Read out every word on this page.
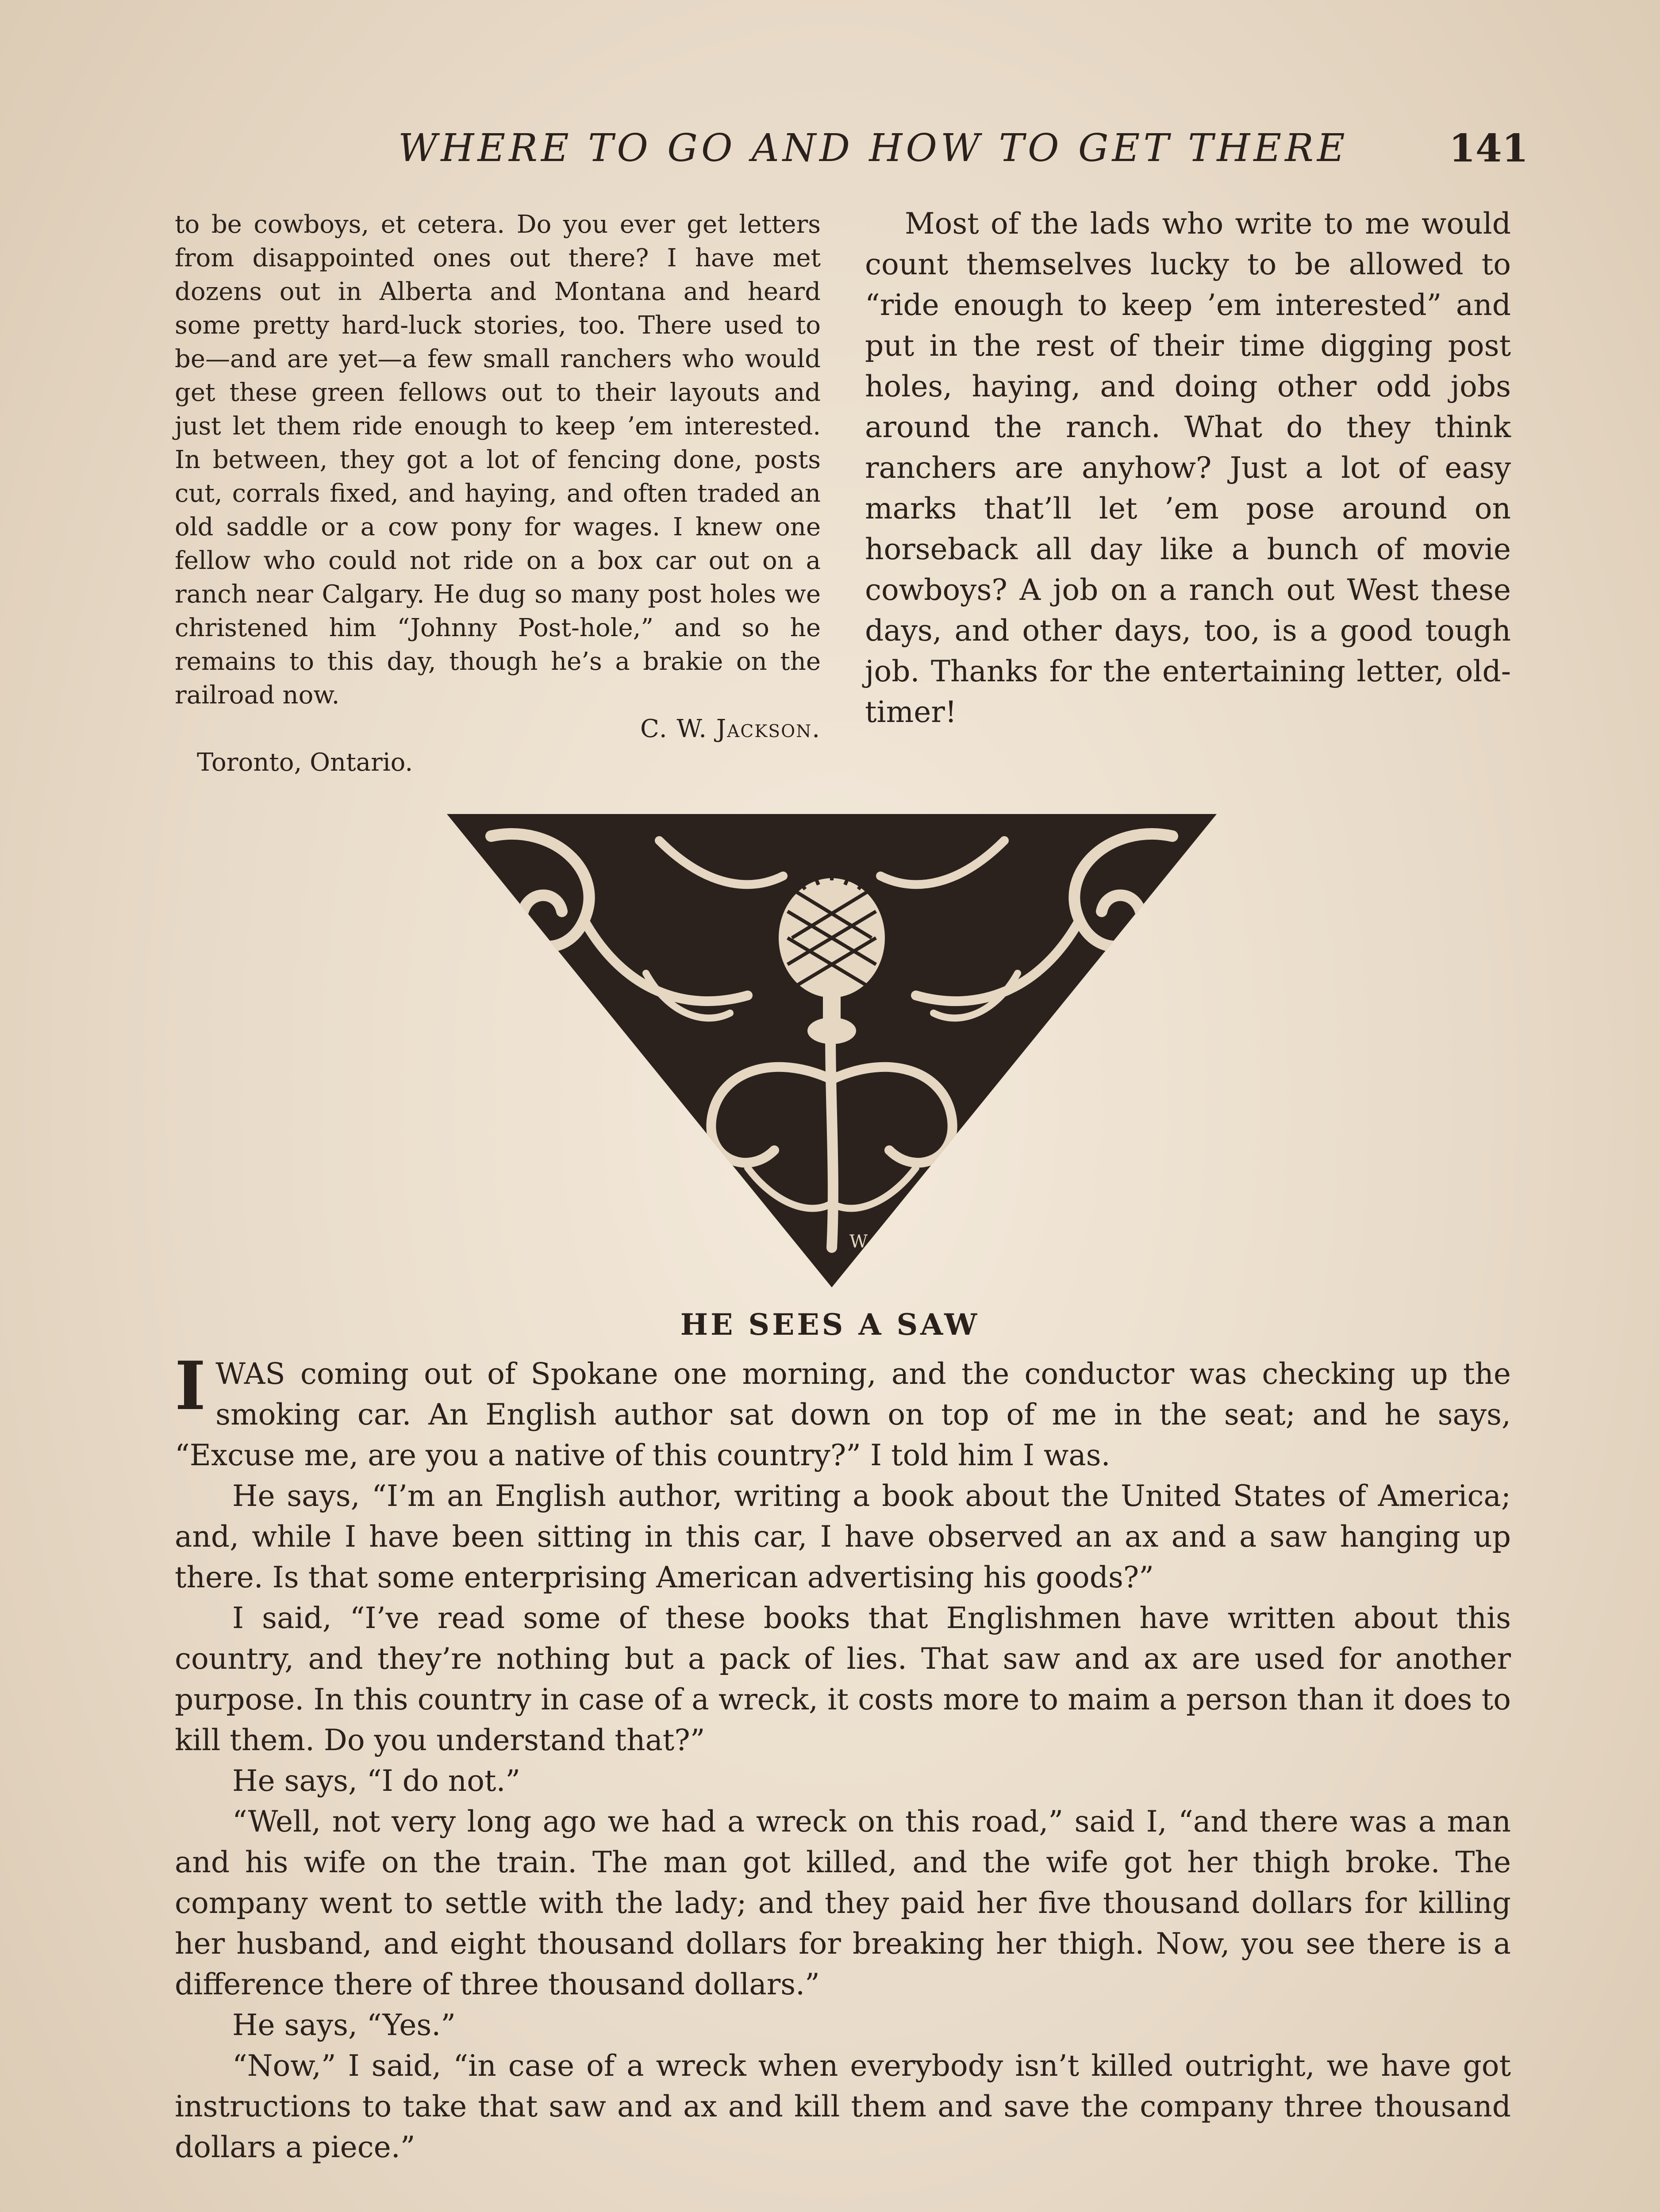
WHERE TO GO AND HOW TO GET THERE	141

to be cowboys, et cetera. Do you ever get letters from disappointed ones out there? I have met dozens out in Alberta and Montana and heard some pretty hard-luck stories, too. There used to be—and are yet—a few small ranchers who would get these green fellows out to their layouts and just let them ride enough to keep ’em interested. In between, they got a lot of fencing done, posts cut, corrals fixed, and haying, and often traded an old saddle or a cow pony for wages. I knew one fellow who could not ride on a box car out on a ranch near Calgary. He dug so many post holes we christened him “Johnny Post-hole,” and so he remains to this day, though he’s a brakie on the railroad now.

C. W. Jackson.

Toronto, Ontario.

Most of the lads who write to me would count themselves lucky to be allowed to “ride enough to keep ’em interested” and put in the rest of their time digging post holes, haying, and doing other odd jobs around the ranch. What do they think ranchers are anyhow? Just a lot of easy marks that’ll let ’em pose around on horseback all day like a bunch of movie cowboys? A job on a ranch out West these days, and other days, too, is a good tough job. Thanks for the entertaining letter, old-timer!

W
HE SEES A SAW

IWAS coming out of Spokane one morning, and the conductor was checking up the smoking car. An English author sat down on top of me in the seat; and he says, “Excuse me, are you a native of this country?” I told him I was.

He says, “I’m an English author, writing a book about the United States of America; and, while I have been sitting in this car, I have observed an ax and a saw hanging up there. Is that some enterprising American advertising his goods?”

I said, “I’ve read some of these books that Englishmen have written about this country, and they’re nothing but a pack of lies. That saw and ax are used for another purpose. In this country in case of a wreck, it costs more to maim a person than it does to kill them. Do you understand that?”

He says, “I do not.”

“Well, not very long ago we had a wreck on this road,” said I, “and there was a man and his wife on the train. The man got killed, and the wife got her thigh broke. The company went to settle with the lady; and they paid her five thousand dollars for killing her husband, and eight thousand dollars for breaking her thigh. Now, you see there is a difference there of three thousand dollars.”

He says, “Yes.”

“Now,” I said, “in case of a wreck when everybody isn’t killed outright, we have got instructions to take that saw and ax and kill them and save the company three thousand dollars a piece.”
